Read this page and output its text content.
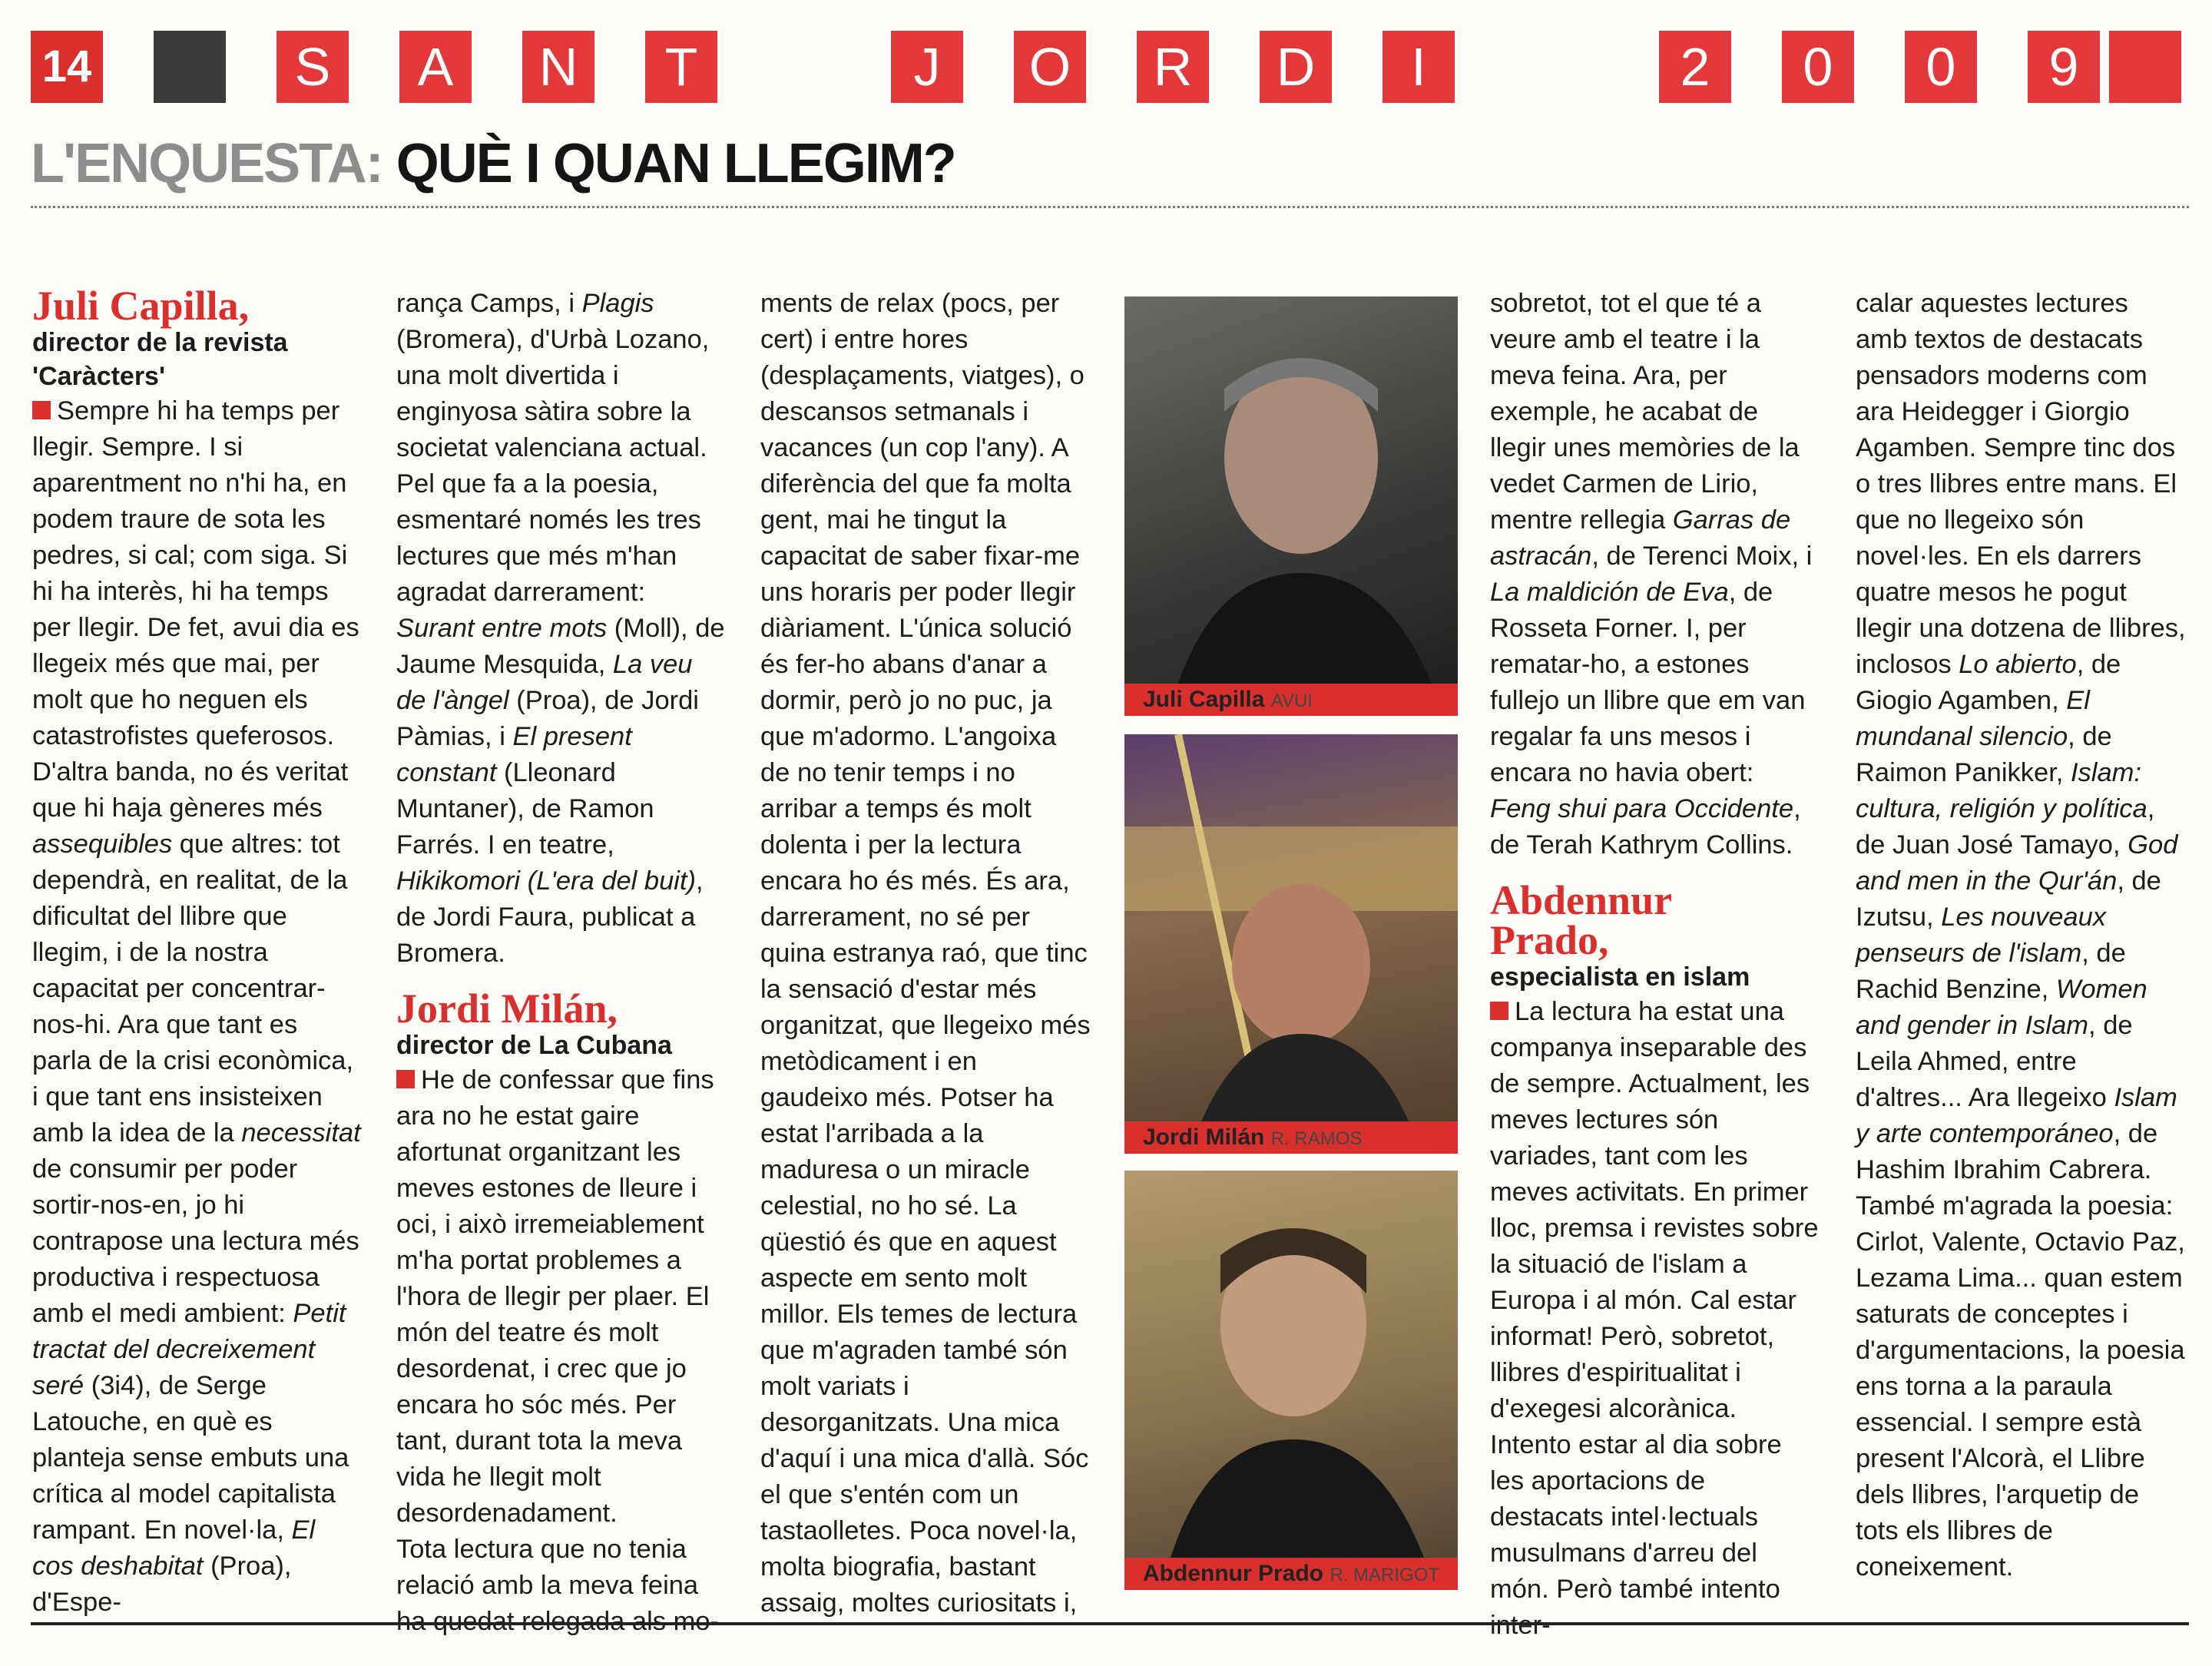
14	S	A	N	T	J	O	R	D	I	2	0	0	9
L'ENQUESTA: QUÈ I QUAN LLEGIM?
Juli Capilla,
director de la revista
'Caràcters'

Sempre hi ha temps per llegir. Sempre. I si aparentment no n'hi ha, en podem traure de sota les pedres, si cal; com siga. Si hi ha interès, hi ha temps per llegir. De fet, avui dia es llegeix més que mai, per molt que ho neguen els catastrofistes queferosos. D'altra banda, no és veritat que hi haja gèneres més assequibles que altres: tot dependrà, en realitat, de la dificultat del llibre que llegim, i de la nostra capacitat per concentrar-nos-hi. Ara que tant es parla de la crisi econòmica, i que tant ens insisteixen amb la idea de la necessitat de consumir per poder sortir-nos-en, jo hi contrapose una lectura més productiva i respectuosa amb el medi ambient: Petit tractat del decreixement seré (3i4), de Serge Latouche, en què es planteja sense embuts una crítica al model capitalista rampant. En novel·la, El cos deshabitat (Proa), d'Espe-

rança Camps, i Plagis (Bromera), d'Urbà Lozano, una molt divertida i enginyosa sàtira sobre la societat valenciana actual. Pel que fa a la poesia, esmentaré només les tres lectures que més m'han agradat darrerament: Surant entre mots (Moll), de Jaume Mesquida, La veu de l'àngel (Proa), de Jordi Pàmias, i El present constant (Lleonard Muntaner), de Ramon Farrés. I en teatre, Hikikomori (L'era del buit), de Jordi Faura, publicat a Bromera.

Jordi Milán,
director de La Cubana

He de confessar que fins ara no he estat gaire afortunat organitzant les meves estones de lleure i oci, i això irremeiablement m'ha portat problemes a l'hora de llegir per plaer. El món del teatre és molt desordenat, i crec que jo encara ho sóc més. Per tant, durant tota la meva vida he llegit molt desordenadament.

Tota lectura que no tenia relació amb la meva feina ha quedat relegada als mo-

ments de relax (pocs, per cert) i entre hores (desplaçaments, viatges), o descansos setmanals i vacances (un cop l'any). A diferència del que fa molta gent, mai he tingut la capacitat de saber fixar-me uns horaris per poder llegir diàriament. L'única solució és fer-ho abans d'anar a dormir, però jo no puc, ja que m'adormo. L'angoixa de no tenir temps i no arribar a temps és molt dolenta i per la lectura encara ho és més. És ara, darrerament, no sé per quina estranya raó, que tinc la sensació d'estar més organitzat, que llegeixo més metòdicament i en gaudeixo més. Potser ha estat l'arribada a la maduresa o un miracle celestial, no ho sé. La qüestió és que en aquest aspecte em sento molt millor. Els temes de lectura que m'agraden també són molt variats i desorganitzats. Una mica d'aquí i una mica d'allà. Sóc el que s'entén com un tastaolletes. Poca novel·la, molta biografia, bastant assaig, moltes curiositats i,

Juli Capilla AVUI
Jordi Milán R. RAMOS
Abdennur Prado R. MARIGOT

sobretot, tot el que té a veure amb el teatre i la meva feina. Ara, per exemple, he acabat de llegir unes memòries de la vedet Carmen de Lirio, mentre rellegia Garras de astracán, de Terenci Moix, i La maldición de Eva, de Rosseta Forner. I, per rematar-ho, a estones fullejo un llibre que em van regalar fa uns mesos i encara no havia obert: Feng shui para Occidente, de Terah Kathrym Collins.

Abdennur
Prado,
especialista en islam

La lectura ha estat una companya inseparable des de sempre. Actualment, les meves lectures són variades, tant com les meves activitats. En primer lloc, premsa i revistes sobre la situació de l'islam a Europa i al món. Cal estar informat! Però, sobretot, llibres d'espiritualitat i d'exegesi alcorànica. Intento estar al dia sobre les aportacions de destacats intel·lectuals musulmans d'arreu del món. Però també intento inter-

calar aquestes lectures amb textos de destacats pensadors moderns com ara Heidegger i Giorgio Agamben. Sempre tinc dos o tres llibres entre mans. El que no llegeixo són novel·les. En els darrers quatre mesos he pogut llegir una dotzena de llibres, inclosos Lo abierto, de Giogio Agamben, El mundanal silencio, de Raimon Panikker, Islam: cultura, religión y política, de Juan José Tamayo, God and men in the Qur'án, de Izutsu, Les nouveaux penseurs de l'islam, de Rachid Benzine, Women and gender in Islam, de Leila Ahmed, entre d'altres... Ara llegeixo Islam y arte contemporáneo, de Hashim Ibrahim Cabrera. També m'agrada la poesia: Cirlot, Valente, Octavio Paz, Lezama Lima... quan estem saturats de conceptes i d'argumentacions, la poesia ens torna a la paraula essencial. I sempre està present l'Alcorà, el Llibre dels llibres, l'arquetip de tots els llibres de coneixement.
